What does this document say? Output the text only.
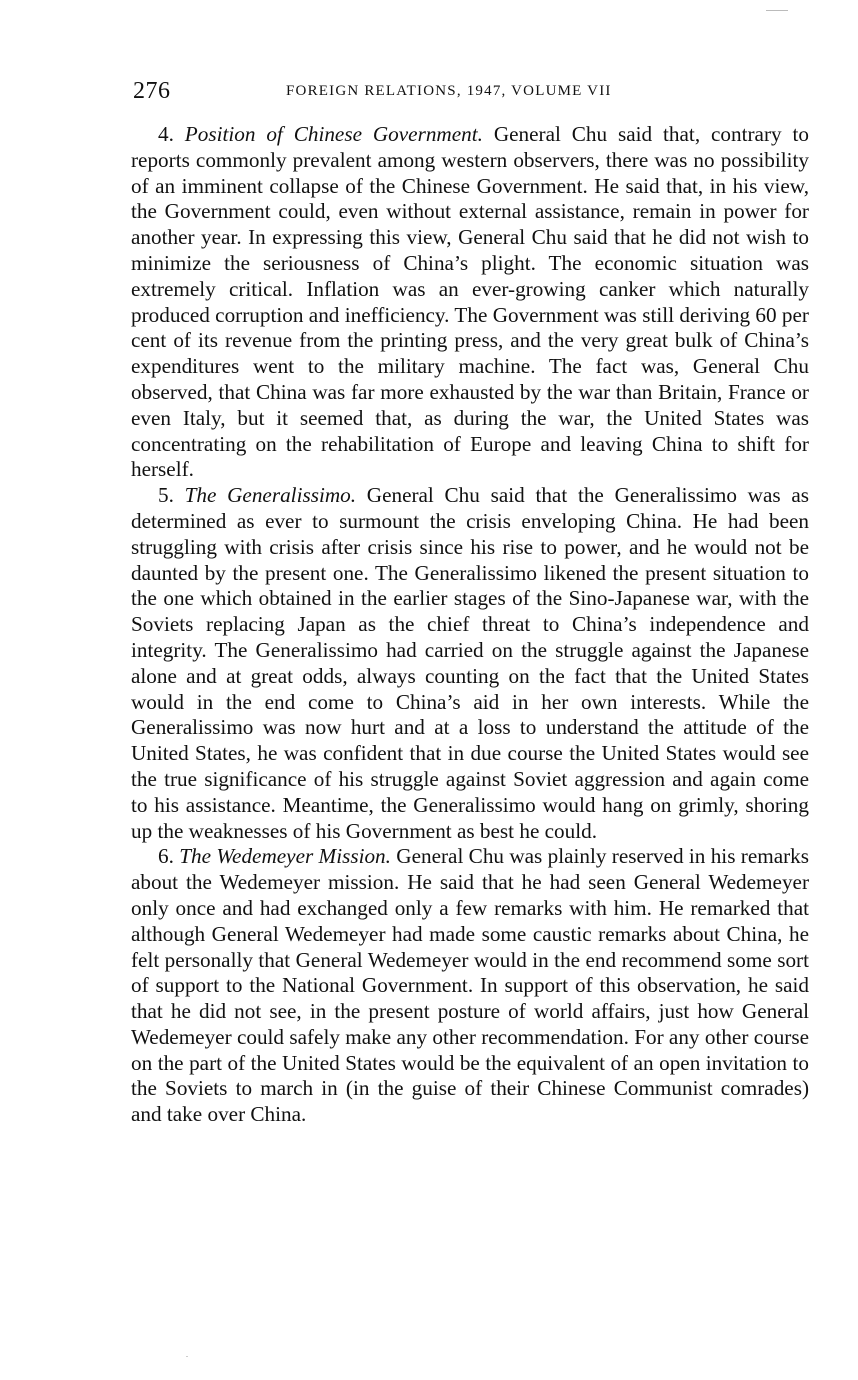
276	FOREIGN RELATIONS, 1947, VOLUME VII

4. Position of Chinese Government. General Chu said that, contrary to reports commonly prevalent among western observers, there was no possibility of an imminent collapse of the Chinese Government. He said that, in his view, the Government could, even without external assistance, remain in power for another year. In expressing this view, General Chu said that he did not wish to minimize the seriousness of China’s plight. The economic situation was extremely critical. Inflation was an ever-growing canker which naturally produced corruption and inefficiency. The Government was still deriving 60 per cent of its revenue from the printing press, and the very great bulk of China’s expenditures went to the military machine. The fact was, General Chu observed, that China was far more exhausted by the war than Britain, France or even Italy, but it seemed that, as during the war, the United States was concentrating on the rehabilitation of Europe and leaving China to shift for herself.

5. The Generalissimo. General Chu said that the Generalissimo was as determined as ever to surmount the crisis enveloping China. He had been struggling with crisis after crisis since his rise to power, and he would not be daunted by the present one. The Generalissimo likened the present situation to the one which obtained in the earlier stages of the Sino-Japanese war, with the Soviets replacing Japan as the chief threat to China’s independence and integrity. The Generalissimo had carried on the struggle against the Japanese alone and at great odds, always counting on the fact that the United States would in the end come to China’s aid in her own interests. While the Generalissimo was now hurt and at a loss to understand the attitude of the United States, he was confident that in due course the United States would see the true significance of his struggle against Soviet aggression and again come to his assistance. Meantime, the Generalissimo would hang on grimly, shoring up the weaknesses of his Government as best he could.

6. The Wedemeyer Mission. General Chu was plainly reserved in his remarks about the Wedemeyer mission. He said that he had seen General Wedemeyer only once and had exchanged only a few remarks with him. He remarked that although General Wedemeyer had made some caustic remarks about China, he felt personally that General Wedemeyer would in the end recommend some sort of support to the National Government. In support of this observation, he said that he did not see, in the present posture of world affairs, just how General Wedemeyer could safely make any other recommendation. For any other course on the part of the United States would be the equivalent of an open invitation to the Soviets to march in (in the guise of their Chinese Communist comrades) and take over China.
